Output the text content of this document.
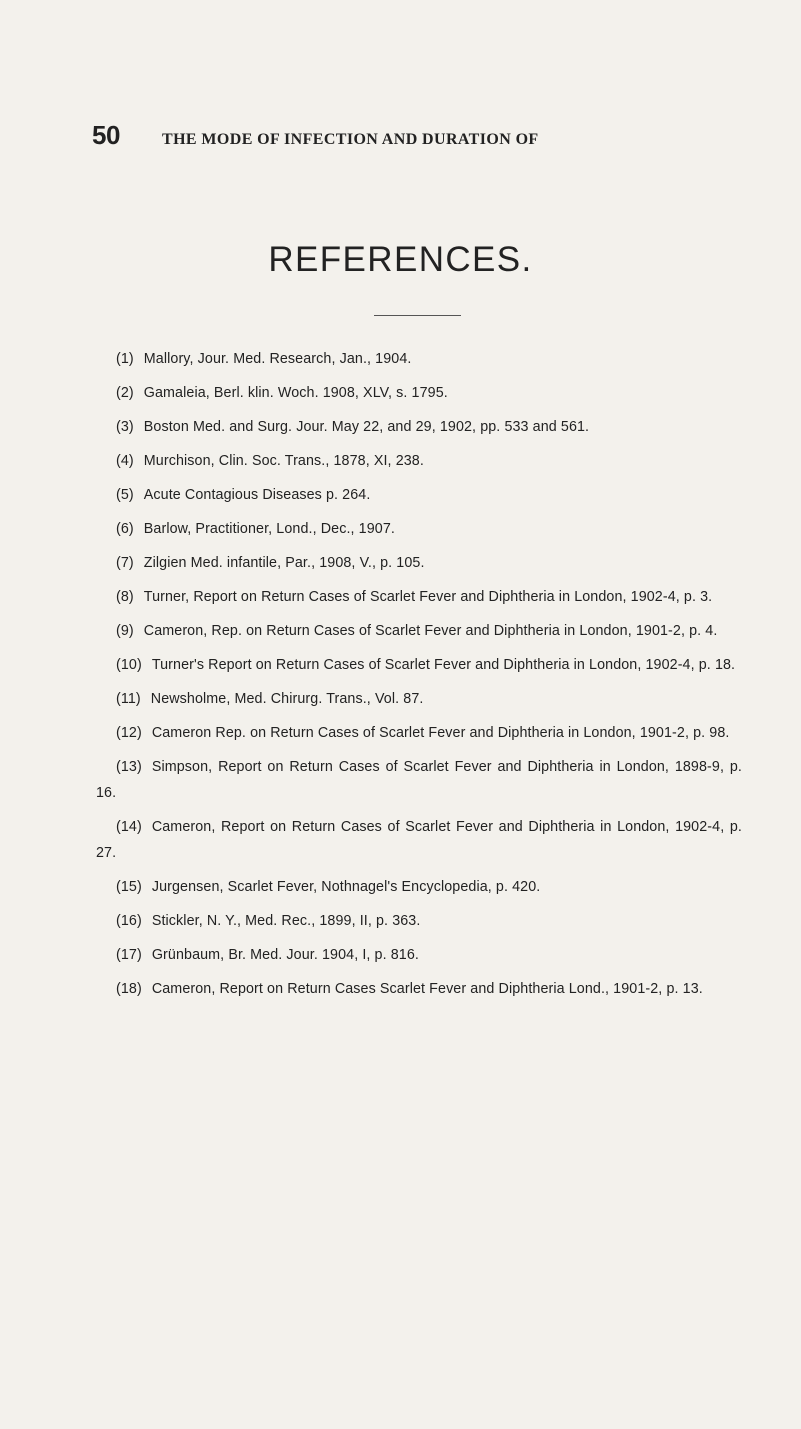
50	THE MODE OF INFECTION AND DURATION OF
REFERENCES.
(1) Mallory, Jour. Med. Research, Jan., 1904.
(2) Gamaleia, Berl. klin. Woch. 1908, XLV, s. 1795.
(3) Boston Med. and Surg. Jour. May 22, and 29, 1902, pp. 533 and 561.
(4) Murchison, Clin. Soc. Trans., 1878, XI, 238.
(5) Acute Contagious Diseases p. 264.
(6) Barlow, Practitioner, Lond., Dec., 1907.
(7) Zilgien Med. infantile, Par., 1908, V., p. 105.
(8) Turner, Report on Return Cases of Scarlet Fever and Diphtheria in London, 1902-4, p. 3.
(9) Cameron, Rep. on Return Cases of Scarlet Fever and Diphtheria in London, 1901-2, p. 4.
(10) Turner's Report on Return Cases of Scarlet Fever and Diphtheria in London, 1902-4, p. 18.
(11) Newsholme, Med. Chirurg. Trans., Vol. 87.
(12) Cameron Rep. on Return Cases of Scarlet Fever and Diphtheria in London, 1901-2, p. 98.
(13) Simpson, Report on Return Cases of Scarlet Fever and Diphtheria in London, 1898-9, p. 16.
(14) Cameron, Report on Return Cases of Scarlet Fever and Diphtheria in London, 1902-4, p. 27.
(15) Jurgensen, Scarlet Fever, Nothnagel's Encyclopedia, p. 420.
(16) Stickler, N. Y., Med. Rec., 1899, II, p. 363.
(17) Grünbaum, Br. Med. Jour. 1904, I, p. 816.
(18) Cameron, Report on Return Cases Scarlet Fever and Diphtheria Lond., 1901-2, p. 13.
